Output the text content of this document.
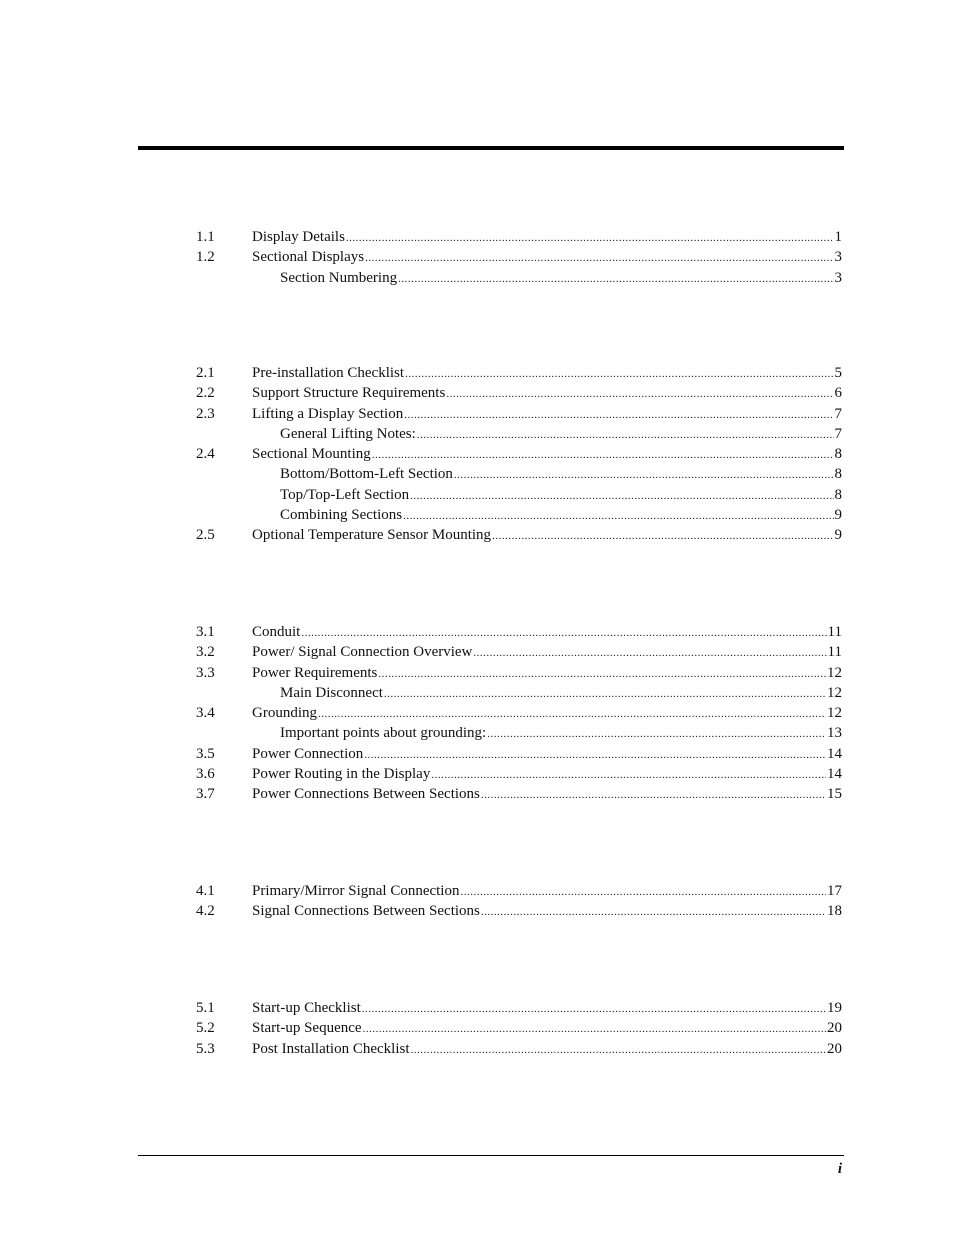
1.1	Display Details .....	1
1.2	Sectional Displays .....	3
Section Numbering .....	3
2.1	Pre-installation Checklist .....	5
2.2	Support Structure Requirements .....	6
2.3	Lifting a Display Section .....	7
General Lifting Notes: .....	7
2.4	Sectional Mounting .....	8
Bottom/Bottom-Left Section .....	8
Top/Top-Left Section .....	8
Combining Sections .....	9
2.5	Optional Temperature Sensor Mounting .....	9
3.1	Conduit .....	11
3.2	Power/ Signal Connection Overview .....	11
3.3	Power Requirements .....	12
Main Disconnect .....	12
3.4	Grounding .....	12
Important points about grounding: .....	13
3.5	Power Connection .....	14
3.6	Power Routing in the Display .....	14
3.7	Power Connections Between Sections .....	15
4.1	Primary/Mirror Signal Connection .....	17
4.2	Signal Connections Between Sections .....	18
5.1	Start-up Checklist .....	19
5.2	Start-up Sequence .....	20
5.3	Post Installation Checklist .....	20
i
